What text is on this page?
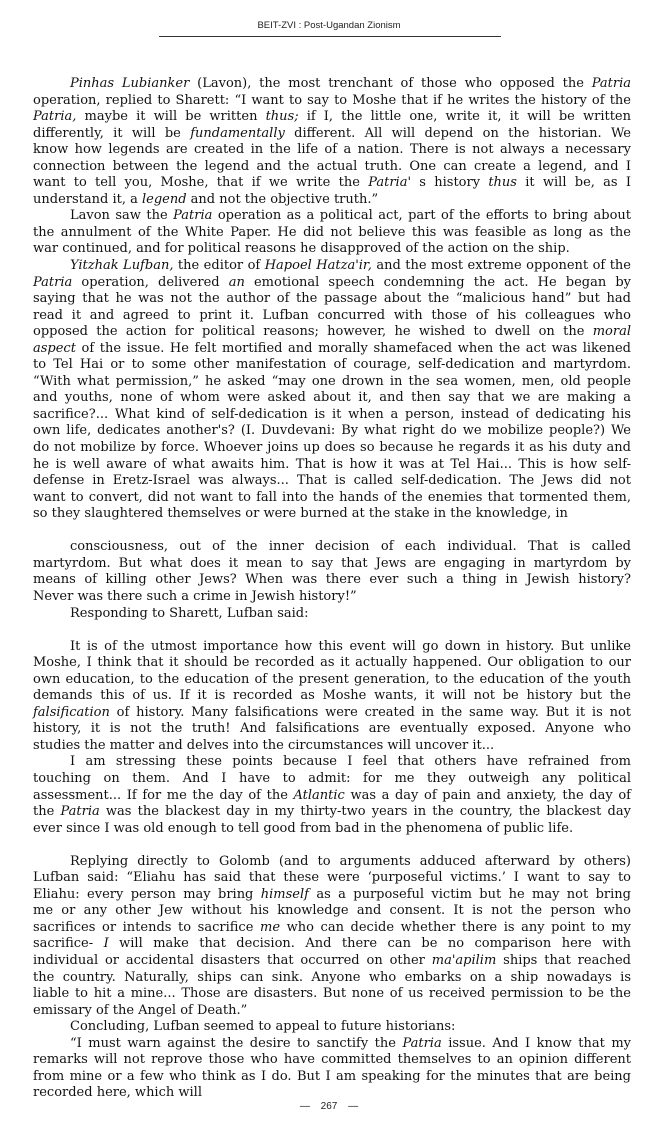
BEIT-ZVI : Post-Ugandan Zionism
Pinhas Lubianker (Lavon), the most trenchant of those who opposed the Patria
operation, replied to Sharett: “I want to say to Moshe that if he writes the history of the
Patria, maybe it will be written thus; if I, the little one, write it, it will be written
differently, it will be fundamentally different. All will depend on the historian. We
know how legends are created in the life of a nation. There is not always a necessary
connection between the legend and the actual truth. One can create a legend, and I
want to tell you, Moshe, that if we write the Patria' s history thus it will be, as I
understand it, a legend and not the objective truth.”
Lavon saw the Patria operation as a political act, part of the efforts to bring about
the annulment of the White Paper. He did not believe this was feasible as long as the
war continued, and for political reasons he disapproved of the action on the ship.
Yitzhak Lufban, the editor of Hapoel Hatza'ir, and the most extreme opponent of the
Patria operation, delivered an emotional speech condemning the act. He began by
saying that he was not the author of the passage about the “malicious hand” but had
read it and agreed to print it. Lufban concurred with those of his colleagues who
opposed the action for political reasons; however, he wished to dwell on the moral
aspect of the issue. He felt mortified and morally shamefaced when the act was likened
to Tel Hai or to some other manifestation of courage, self-dedication and martyrdom.
“With what permission,” he asked “may one drown in the sea women, men, old people
and youths, none of whom were asked about it, and then say that we are making a
sacrifice?... What kind of self-dedication is it when a person, instead of dedicating his
own life, dedicates another's? (I. Duvdevani: By what right do we mobilize people?) We
do not mobilize by force. Whoever joins up does so because he regards it as his duty and
he is well aware of what awaits him. That is how it was at Tel Hai... This is how self-
defense in Eretz-Israel was always... That is called self-dedication. The Jews did not
want to convert, did not want to fall into the hands of the enemies that tormented them,
so they slaughtered themselves or were burned at the stake in the knowledge, in
consciousness, out of the inner decision of each individual. That is called
martyrdom. But what does it mean to say that Jews are engaging in martyrdom by
means of killing other Jews? When was there ever such a thing in Jewish history?
Never was there such a crime in Jewish history!”
Responding to Sharett, Lufban said:
It is of the utmost importance how this event will go down in history. But unlike
Moshe, I think that it should be recorded as it actually happened. Our obligation to our
own education, to the education of the present generation, to the education of the youth
demands this of us. If it is recorded as Moshe wants, it will not be history but the
falsification of history. Many falsifications were created in the same way. But it is not
history, it is not the truth! And falsifications are eventually exposed. Anyone who
studies the matter and delves into the circumstances will uncover it...
I am stressing these points because I feel that others have refrained from
touching on them. And I have to admit: for me they outweigh any political
assessment... If for me the day of the Atlantic was a day of pain and anxiety, the day of
the Patria was the blackest day in my thirty-two years in the country, the blackest day
ever since I was old enough to tell good from bad in the phenomena of public life.
Replying directly to Golomb (and to arguments adduced afterward by others)
Lufban said: “Eliahu has said that these were ‘purposeful victims.’ I want to say to
Eliahu: every person may bring himself as a purposeful victim but he may not bring
me or any other Jew without his knowledge and consent. It is not the person who
sacrifices or intends to sacrifice me who can decide whether there is any point to my
sacrifice- I will make that decision. And there can be no comparison here with
individual or accidental disasters that occurred on other ma'apilim ships that reached
the country. Naturally, ships can sink. Anyone who embarks on a ship nowadays is
liable to hit a mine... Those are disasters. But none of us received permission to be the
emissary of the Angel of Death.”
Concluding, Lufban seemed to appeal to future historians:
“I must warn against the desire to sanctify the Patria issue. And I know that my
remarks will not reprove those who have committed themselves to an opinion different
from mine or a few who think as I do. But I am speaking for the minutes that are being
recorded here, which will
— 267 —
